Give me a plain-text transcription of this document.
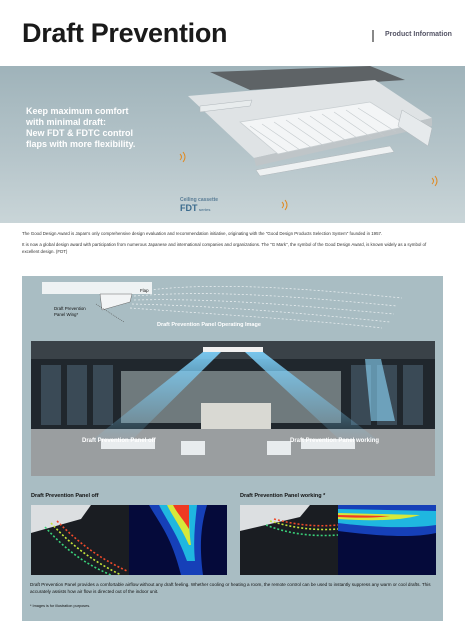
Draft Prevention	Product Information
Keep maximum comfort
with minimal draft:
New FDT & FDTC control
flaps with more flexibility.
Ceiling cassette
FDT series

The Good Design Award is Japan's only comprehensive design evaluation and recommendation initiative, originating with the "Good Design Products Selection System" founded in 1957.

It is now a global design award with participation from numerous Japanese and international companies and organizations. The "G Mark", the symbol of the Good Design Award, is known widely as a symbol of excellent design. (FDT)

Flap
Draft Prevention
Panel Wing*
Draft Prevention Panel Operating Image
Draft Prevention Panel off	Draft Prevention Panel working
Draft Prevention Panel off	Draft Prevention Panel working *
Draft Prevention Panel provides a comfortable airflow without any draft feeling. Whether cooling or heating a room, the remote control can be used to instantly suppress any warm or cool drafts. This accurately assists how air flow is directed out of the indoor unit.
* Images is for illustration purposes.
